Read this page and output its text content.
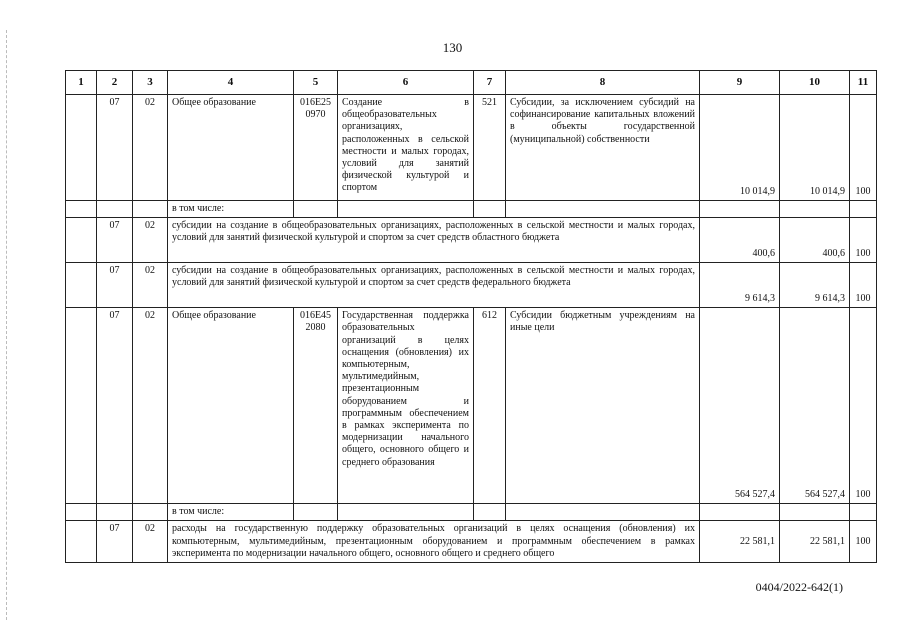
130
1	2	3	4	5	6	7	8	9	10	11
	07	02	Общее образование	016E25 0970	Создание в общеобразовательных организациях, расположенных в сельской местности и малых городах, условий для занятий физической культурой и спортом	521	Субсидии, за исключением субсидий на софинансирование капитальных вложений в объекты государственной (муниципальной) собственности	10 014,9	10 014,9	100
			в том числе:							
	07	02	субсидии на создание в общеобразовательных организациях, расположенных в сельской местности и малых городах, условий для занятий физической культурой и спортом за счет средств областного бюджета					400,6	400,6	100
	07	02	субсидии на создание в общеобразовательных организациях, расположенных в сельской местности и малых городах, условий для занятий физической культурой и спортом за счет средств федерального бюджета					9 614,3	9 614,3	100
	07	02	Общее образование	016E45 2080	Государственная поддержка образовательных организаций в целях оснащения (обновления) их компьютерным, мультимедийным, презентационным оборудованием и программным обеспечением в рамках эксперимента по модернизации начального общего, основного общего и среднего образования	612	Субсидии бюджетным учреждениям на иные цели	564 527,4	564 527,4	100
			в том числе:							
	07	02	расходы на государственную поддержку образовательных организаций в целях оснащения (обновления) их компьютерным, мультимедийным, презентационным оборудованием и программным обеспечением в рамках эксперимента по модернизации начального общего, основного общего и среднего общего					22 581,1	22 581,1	100
0404/2022-642(1)
